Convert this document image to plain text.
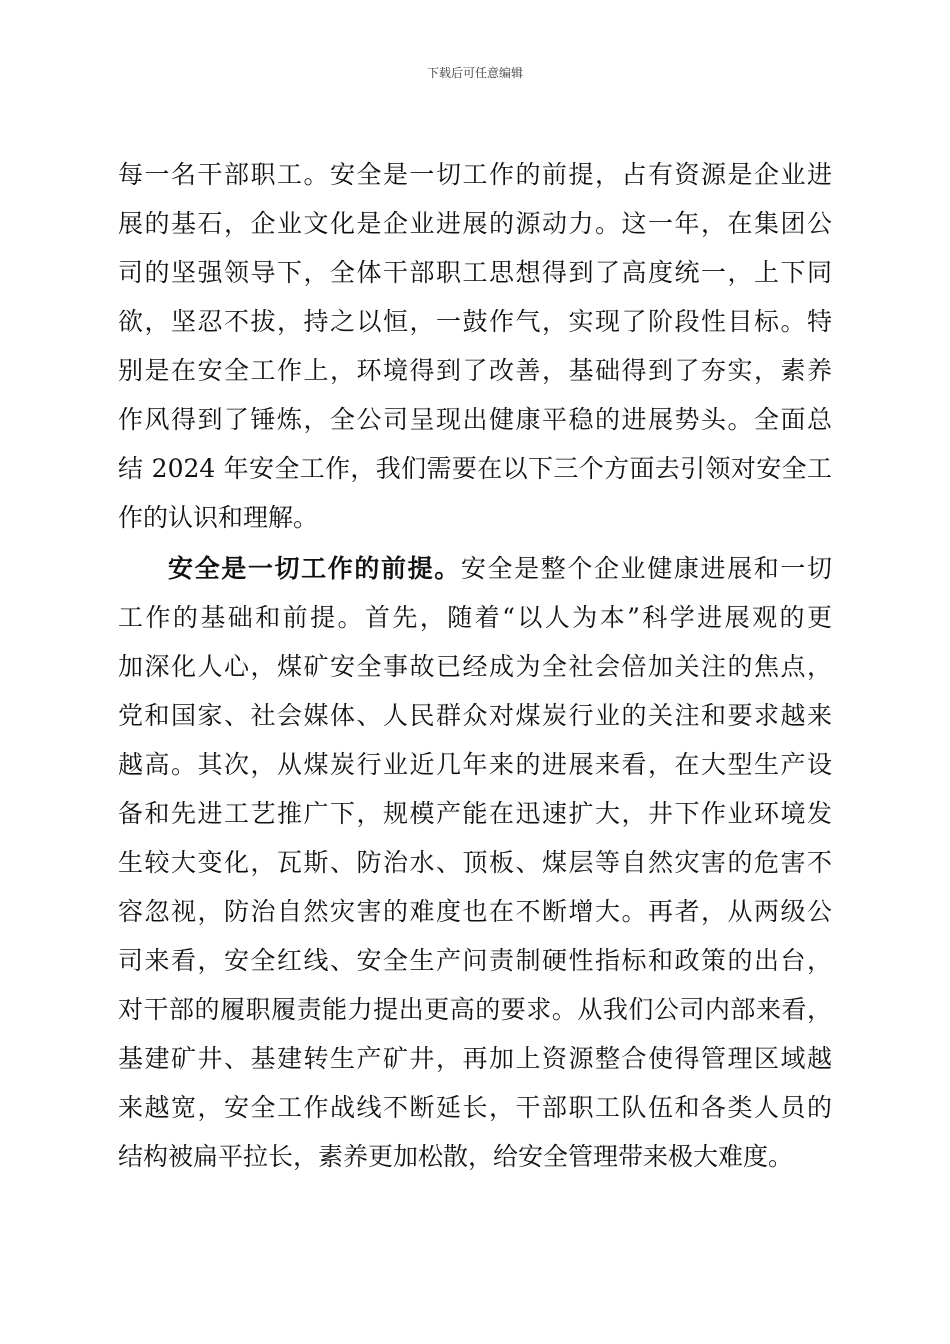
下载后可任意编辑
每一名干部职工。安全是一切工作的前提，占有资源是企业进
展的基石，企业文化是企业进展的源动力。这一年，在集团公
司的坚强领导下，全体干部职工思想得到了高度统一，上下同
欲，坚忍不拔，持之以恒，一鼓作气，实现了阶段性目标。特
别是在安全工作上，环境得到了改善，基础得到了夯实，素养
作风得到了锤炼，全公司呈现出健康平稳的进展势头。全面总
结 2024 年安全工作，我们需要在以下三个方面去引领对安全工
作的认识和理解。
安全是一切工作的前提。安全是整个企业健康进展和一切
工作的基础和前提。首先，随着“以人为本”科学进展观的更
加深化人心，煤矿安全事故已经成为全社会倍加关注的焦点，
党和国家、社会媒体、人民群众对煤炭行业的关注和要求越来
越高。其次，从煤炭行业近几年来的进展来看，在大型生产设
备和先进工艺推广下，规模产能在迅速扩大，井下作业环境发
生较大变化，瓦斯、防治水、顶板、煤层等自然灾害的危害不
容忽视，防治自然灾害的难度也在不断增大。再者，从两级公
司来看，安全红线、安全生产问责制硬性指标和政策的出台，
对干部的履职履责能力提出更高的要求。从我们公司内部来看，
基建矿井、基建转生产矿井，再加上资源整合使得管理区域越
来越宽，安全工作战线不断延长，干部职工队伍和各类人员的
结构被扁平拉长，素养更加松散，给安全管理带来极大难度。
